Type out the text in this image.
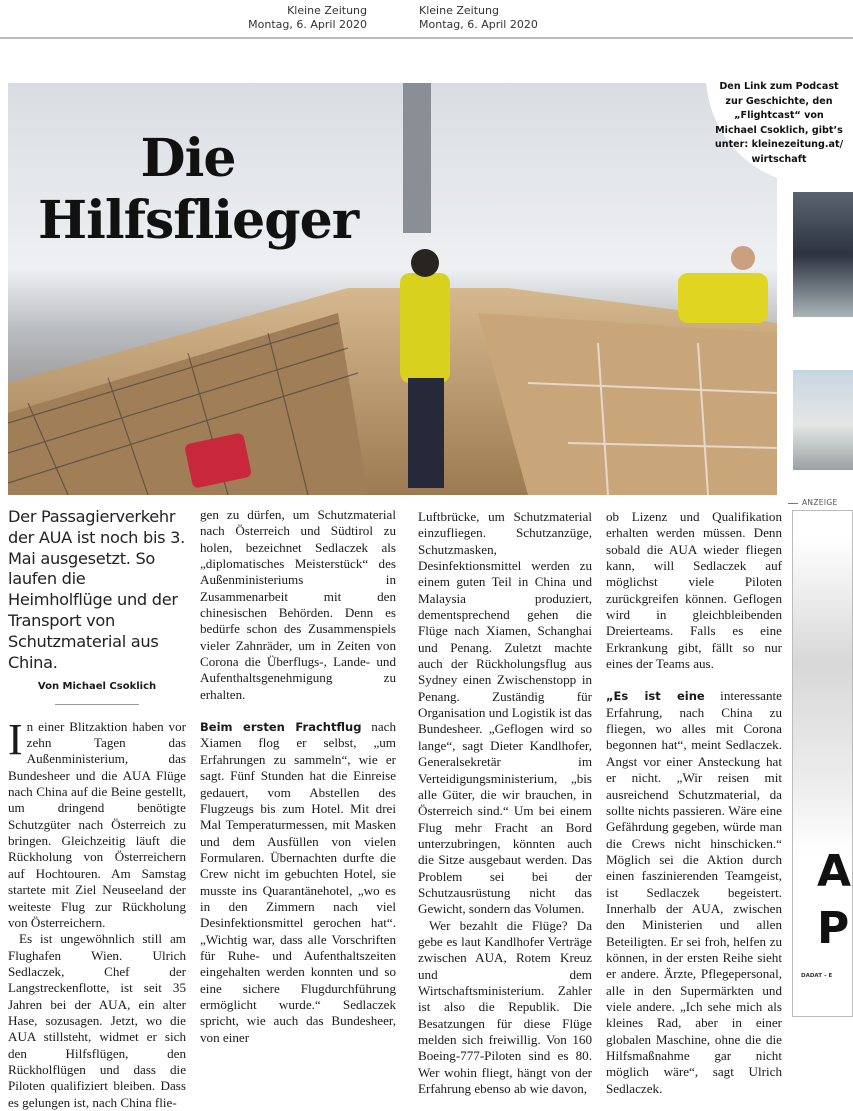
Kleine Zeitung
Montag, 6. April 2020
Kleine Zeitung
Montag, 6. April 2020
Die
Hilfsflieger
Den Link zum Podcast zur Geschichte, den „Flightcast“ von Michael Csoklich, gibt’s unter: kleinezeitung.at/ wirtschaft

Der Passagierverkehr der AUA ist noch bis 3. Mai ausgesetzt. So laufen die Heimholflüge und der Transport von Schutzmaterial aus China.

Von Michael Csoklich

In einer Blitzaktion haben vor zehn Tagen das Außenministerium, das Bundesheer und die AUA Flüge nach China auf die Beine gestellt, um dringend benötigte Schutzgüter nach Österreich zu bringen. Gleichzeitig läuft die Rückholung von Österreichern auf Hochtouren. Am Samstag startete mit Ziel Neuseeland der weiteste Flug zur Rückholung von Österreichern.

Es ist ungewöhnlich still am Flughafen Wien. Ulrich Sedlaczek, Chef der Langstreckenflotte, ist seit 35 Jahren bei der AUA, ein alter Hase, sozusagen. Jetzt, wo die AUA stillsteht, widmet er sich den Hilfsflügen, den Rückholflügen und dass die Piloten qualifiziert bleiben. Dass es gelungen ist, nach China flie-

gen zu dürfen, um Schutzmaterial nach Österreich und Südtirol zu holen, bezeichnet Sedlaczek als „diplomatisches Meisterstück“ des Außenministeriums in Zusammenarbeit mit den chinesischen Behörden. Denn es bedürfe schon des Zusammenspiels vieler Zahnräder, um in Zeiten von Corona die Überflugs-, Lande- und Aufenthaltsgenehmigung zu erhalten.

Beim ersten Frachtflug nach Xiamen flog er selbst, „um Erfahrungen zu sammeln“, wie er sagt. Fünf Stunden hat die Einreise gedauert, vom Abstellen des Flugzeugs bis zum Hotel. Mit drei Mal Temperaturmessen, mit Masken und dem Ausfüllen von vielen Formularen. Übernachten durfte die Crew nicht im gebuchten Hotel, sie musste ins Quarantänehotel, „wo es in den Zimmern nach viel Desinfektionsmittel gerochen hat“. „Wichtig war, dass alle Vorschriften für Ruhe- und Aufenthaltszeiten eingehalten werden konnten und so eine sichere Flugdurchführung ermöglicht wurde.“ Sedlaczek spricht, wie auch das Bundesheer, von einer

Luftbrücke, um Schutzmaterial einzufliegen. Schutzanzüge, Schutzmasken, Desinfektionsmittel werden zu einem guten Teil in China und Malaysia produziert, dementsprechend gehen die Flüge nach Xiamen, Schanghai und Penang. Zuletzt machte auch der Rückholungsflug aus Sydney einen Zwischenstopp in Penang. Zuständig für Organisation und Logistik ist das Bundesheer. „Geflogen wird so lange“, sagt Dieter Kandlhofer, Generalsekretär im Verteidigungsministerium, „bis alle Güter, die wir brauchen, in Österreich sind.“ Um bei einem Flug mehr Fracht an Bord unterzubringen, könnten auch die Sitze ausgebaut werden. Das Problem sei bei der Schutzausrüstung nicht das Gewicht, sondern das Volumen.

Wer bezahlt die Flüge? Da gebe es laut Kandlhofer Verträge zwischen AUA, Rotem Kreuz und dem Wirtschaftsministerium. Zahler ist also die Republik. Die Besatzungen für diese Flüge melden sich freiwillig. Von 160 Boeing-777-Piloten sind es 80. Wer wohin fliegt, hängt von der Erfahrung ebenso ab wie davon,

ob Lizenz und Qualifikation erhalten werden müssen. Denn sobald die AUA wieder fliegen kann, will Sedlaczek auf möglichst viele Piloten zurückgreifen können. Geflogen wird in gleichbleibenden Dreierteams. Falls es eine Erkrankung gibt, fällt so nur eines der Teams aus.

„Es ist eine interessante Erfahrung, nach China zu fliegen, wo alles mit Corona begonnen hat“, meint Sedlaczek. Angst vor einer Ansteckung hat er nicht. „Wir reisen mit ausreichend Schutzmaterial, da sollte nichts passieren. Wäre eine Gefährdung gegeben, würde man die Crews nicht hinschicken.“ Möglich sei die Aktion durch einen faszinierenden Teamgeist, ist Sedlaczek begeistert. Innerhalb der AUA, zwischen den Ministerien und allen Beteiligten. Er sei froh, helfen zu können, in der ersten Reihe sieht er andere. Ärzte, Pflegepersonal, alle in den Supermärkten und viele andere. „Ich sehe mich als kleines Rad, aber in einer globalen Maschine, ohne die die Hilfsmaßnahme gar nicht möglich wäre“, sagt Ulrich Sedlaczek.

ANZEIGE
A
P
DADAT – E
